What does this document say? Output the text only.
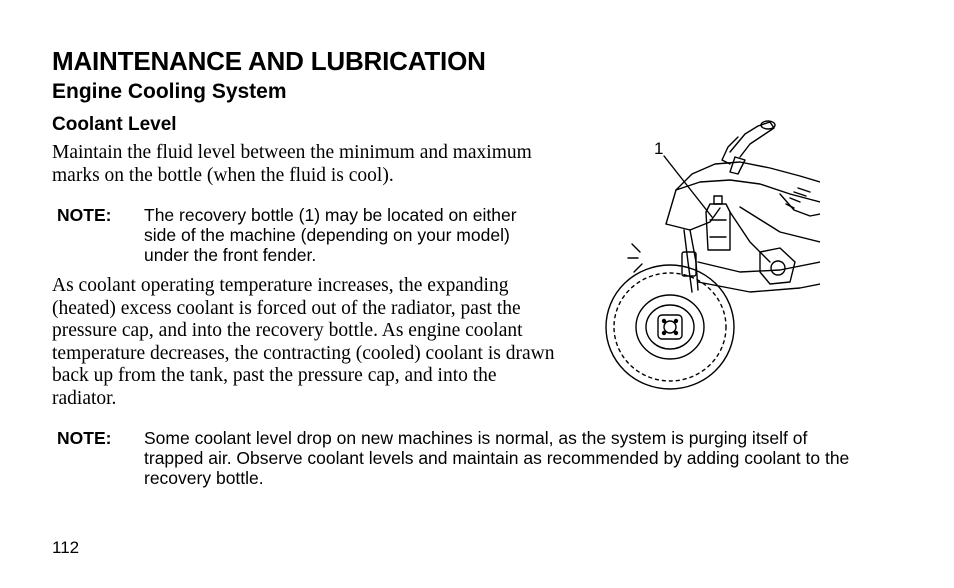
MAINTENANCE AND LUBRICATION
Engine Cooling System
Coolant Level

Maintain the fluid level between the minimum and maximum marks on the bottle (when the fluid is cool).

NOTE:	The recovery bottle (1) may be located on either side of the machine (depending on your model) under the front fender.

As coolant operating temperature increases, the expanding (heated) excess coolant is forced out of the radiator, past the pressure cap, and into the recovery bottle. As engine coolant temperature decreases, the contracting (cooled) coolant is drawn back up from the tank, past the pressure cap, and into the radiator.

NOTE:	Some coolant level drop on new machines is normal, as the system is purging itself of trapped air. Observe coolant levels and maintain as recommended by adding coolant to the recovery bottle.
1
112
